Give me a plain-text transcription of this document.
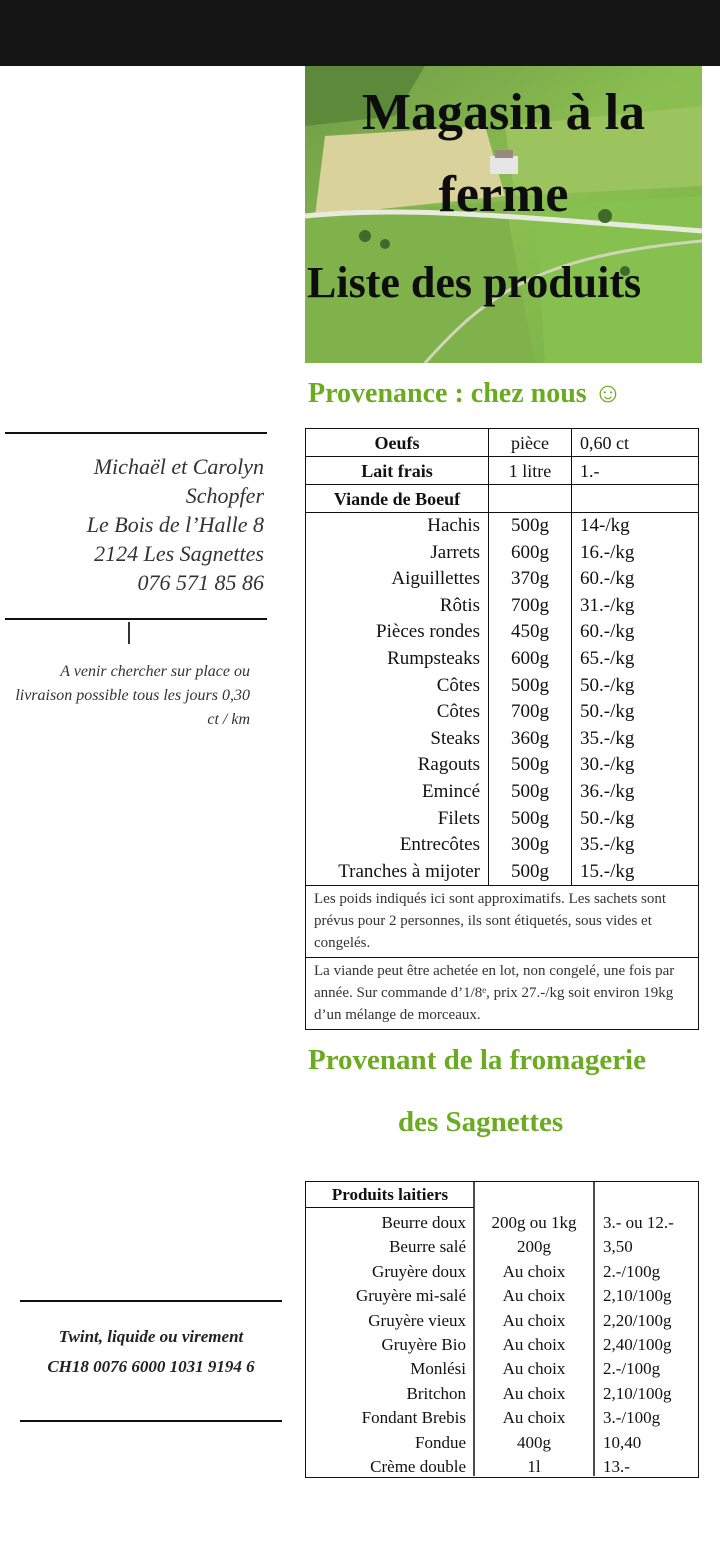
Magasin à la
ferme
Liste des produits
Provenance : chez nous ☺
Michaël et Carolyn
Schopfer
Le Bois de l’Halle 8
2124 Les Sagnettes
076 571 85 86
A venir chercher sur place ou livraison possible tous les jours 0,30 ct / km
Twint, liquide ou virement
CH18 0076 6000 1031 9194 6
Oeufs	pièce	0,60 ct
Lait frais	1 litre	1.-
Viande de Boeuf
Hachis	500g	14-/kg
Jarrets	600g	16.-/kg
Aiguillettes	370g	60.-/kg
Rôtis	700g	31.-/kg
Pièces rondes	450g	60.-/kg
Rumpsteaks	600g	65.-/kg
Côtes	500g	50.-/kg
Côtes	700g	50.-/kg
Steaks	360g	35.-/kg
Ragouts	500g	30.-/kg
Emincé	500g	36.-/kg
Filets	500g	50.-/kg
Entrecôtes	300g	35.-/kg
Tranches à mijoter	500g	15.-/kg
Les poids indiqués ici sont approximatifs. Les sachets sont prévus pour 2 personnes, ils sont étiquetés, sous vides et congelés.
La viande peut être achetée en lot, non congelé, une fois par année. Sur commande d’1/8ᵉ, prix 27.-/kg soit environ 19kg d’un mélange de morceaux.
Provenant de la fromagerie
des Sagnettes
Produits laitiers
Beurre doux	200g ou 1kg	3.- ou 12.-
Beurre salé	200g	3,50
Gruyère doux	Au choix	2.-/100g
Gruyère mi-salé	Au choix	2,10/100g
Gruyère vieux	Au choix	2,20/100g
Gruyère Bio	Au choix	2,40/100g
Monlési	Au choix	2.-/100g
Britchon	Au choix	2,10/100g
Fondant Brebis	Au choix	3.-/100g
Fondue	400g	10,40
Crème double	1l	13.-
